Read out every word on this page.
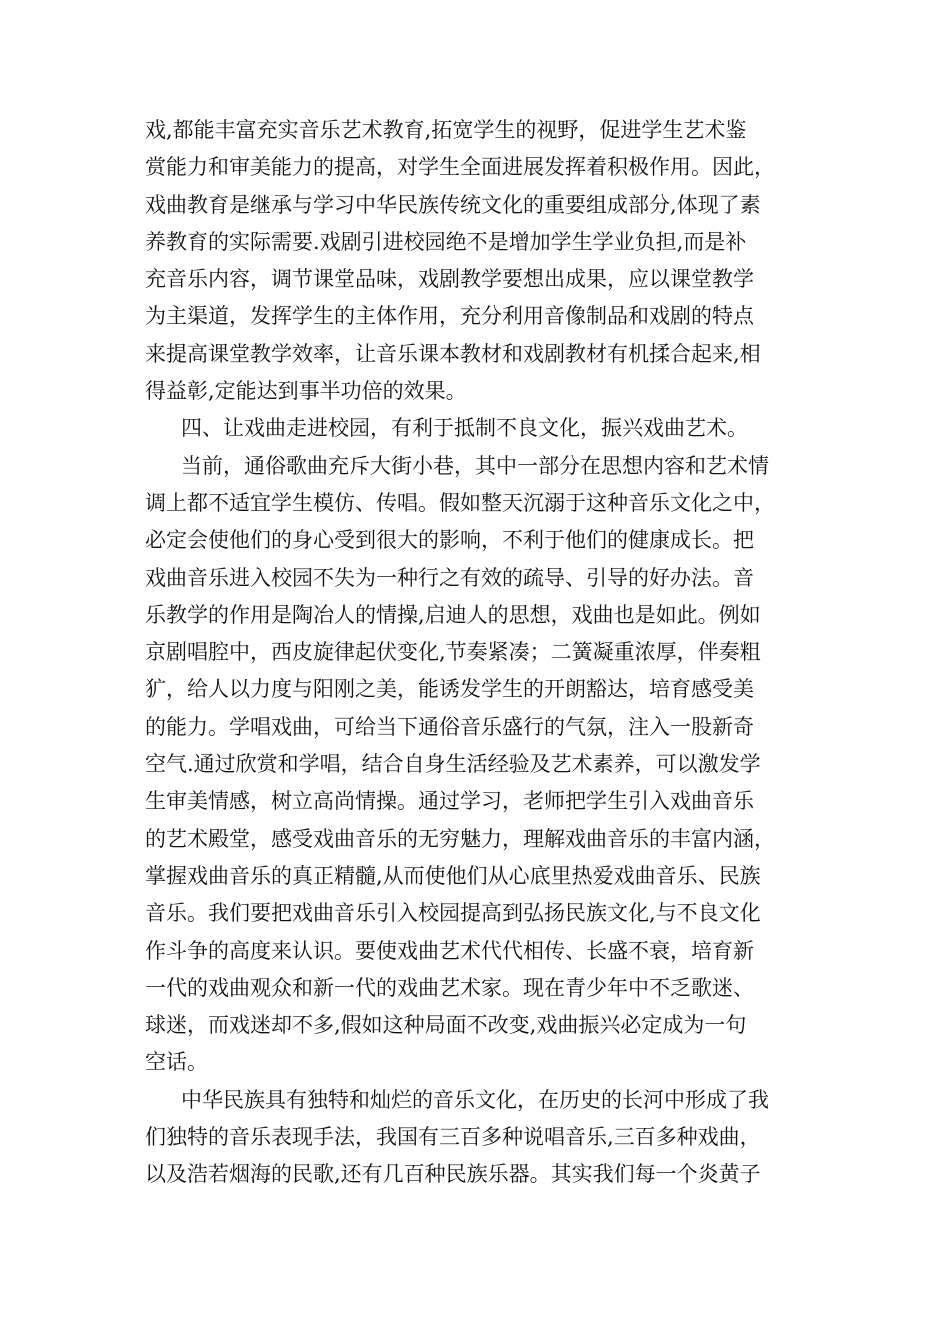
戏,都能丰富充实音乐艺术教育,拓宽学生的视野，促进学生艺术鉴
赏能力和审美能力的提高，对学生全面进展发挥着积极作用。因此，
戏曲教育是继承与学习中华民族传统文化的重要组成部分,体现了素
养教育的实际需要.戏剧引进校园绝不是增加学生学业负担,而是补
充音乐内容，调节课堂品味，戏剧教学要想出成果，应以课堂教学
为主渠道，发挥学生的主体作用，充分利用音像制品和戏剧的特点
来提高课堂教学效率，让音乐课本教材和戏剧教材有机揉合起来,相
得益彰,定能达到事半功倍的效果。
四、让戏曲走进校园，有利于抵制不良文化，振兴戏曲艺术。
当前，通俗歌曲充斥大街小巷，其中一部分在思想内容和艺术情
调上都不适宜学生模仿、传唱。假如整天沉溺于这种音乐文化之中，
必定会使他们的身心受到很大的影响，不利于他们的健康成长。把
戏曲音乐进入校园不失为一种行之有效的疏导、引导的好办法。音
乐教学的作用是陶冶人的情操,启迪人的思想，戏曲也是如此。例如
京剧唱腔中，西皮旋律起伏变化,节奏紧凑；二簧凝重浓厚，伴奏粗
犷，给人以力度与阳刚之美，能诱发学生的开朗豁达，培育感受美
的能力。学唱戏曲，可给当下通俗音乐盛行的气氛，注入一股新奇
空气.通过欣赏和学唱，结合自身生活经验及艺术素养，可以激发学
生审美情感，树立高尚情操。通过学习，老师把学生引入戏曲音乐
的艺术殿堂，感受戏曲音乐的无穷魅力，理解戏曲音乐的丰富内涵，
掌握戏曲音乐的真正精髓,从而使他们从心底里热爱戏曲音乐、民族
音乐。我们要把戏曲音乐引入校园提高到弘扬民族文化,与不良文化
作斗争的高度来认识。要使戏曲艺术代代相传、长盛不衰，培育新
一代的戏曲观众和新一代的戏曲艺术家。现在青少年中不乏歌迷、
球迷，而戏迷却不多,假如这种局面不改变,戏曲振兴必定成为一句
空话。
中华民族具有独特和灿烂的音乐文化，在历史的长河中形成了我
们独特的音乐表现手法，我国有三百多种说唱音乐,三百多种戏曲，
以及浩若烟海的民歌,还有几百种民族乐器。其实我们每一个炎黄子
